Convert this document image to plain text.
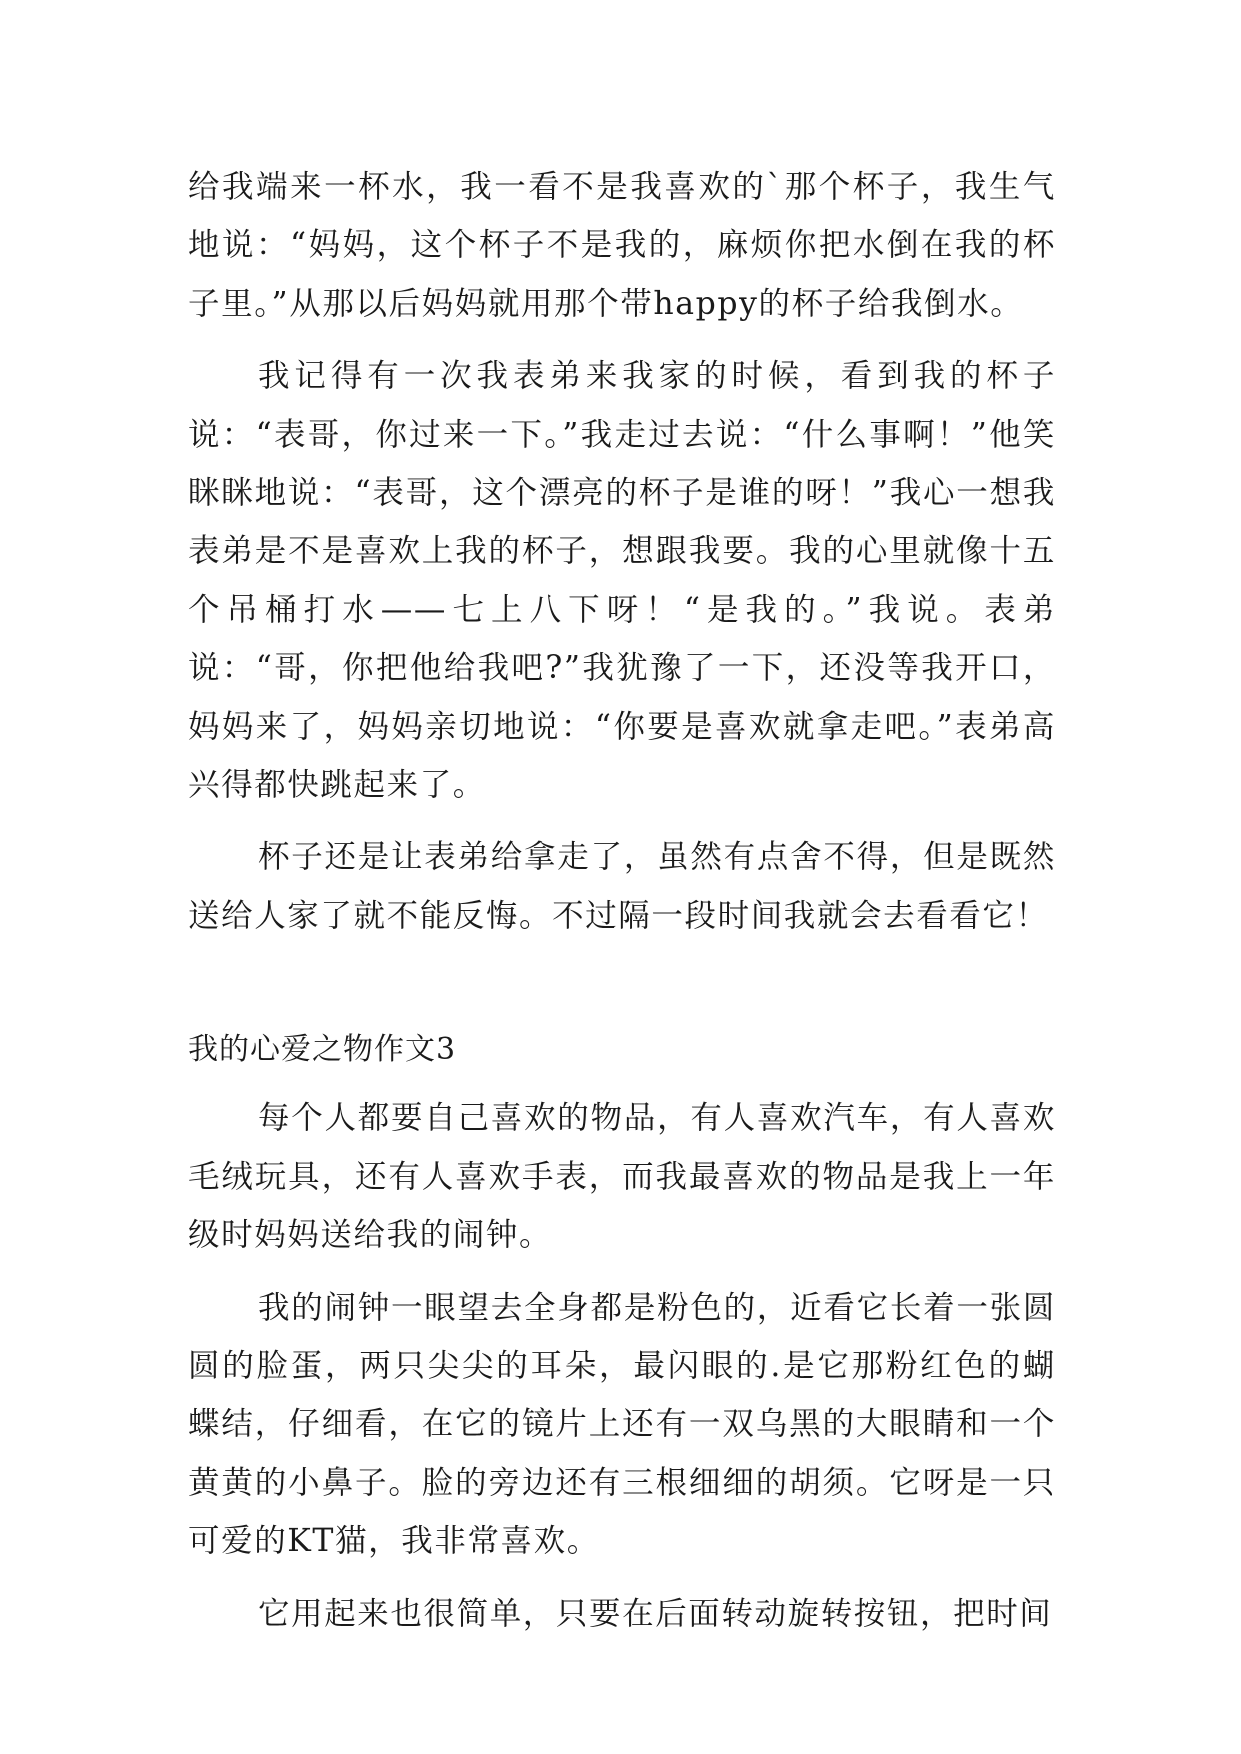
给我端来一杯水，我一看不是我喜欢的`那个杯子，我生气地说：“妈妈，这个杯子不是我的，麻烦你把水倒在我的杯子里。”从那以后妈妈就用那个带happy的杯子给我倒水。

我记得有一次我表弟来我家的时候，看到我的杯子说：“表哥，你过来一下。”我走过去说：“什么事啊！”他笑眯眯地说：“表哥，这个漂亮的杯子是谁的呀！”我心一想我表弟是不是喜欢上我的杯子，想跟我要。我的心里就像十五个吊桶打水——七上八下呀！“是我的。”我说。表弟说：“哥，你把他给我吧?”我犹豫了一下，还没等我开口，妈妈来了，妈妈亲切地说：“你要是喜欢就拿走吧。”表弟高兴得都快跳起来了。

杯子还是让表弟给拿走了，虽然有点舍不得，但是既然送给人家了就不能反悔。不过隔一段时间我就会去看看它！

我的心爱之物作文3

每个人都要自己喜欢的物品，有人喜欢汽车，有人喜欢毛绒玩具，还有人喜欢手表，而我最喜欢的物品是我上一年级时妈妈送给我的闹钟。

我的闹钟一眼望去全身都是粉色的，近看它长着一张圆圆的脸蛋，两只尖尖的耳朵，最闪眼的.是它那粉红色的蝴蝶结，仔细看，在它的镜片上还有一双乌黑的大眼睛和一个黄黄的小鼻子。脸的旁边还有三根细细的胡须。它呀是一只可爱的KT猫，我非常喜欢。

它用起来也很简单，只要在后面转动旋转按钮，把时间
